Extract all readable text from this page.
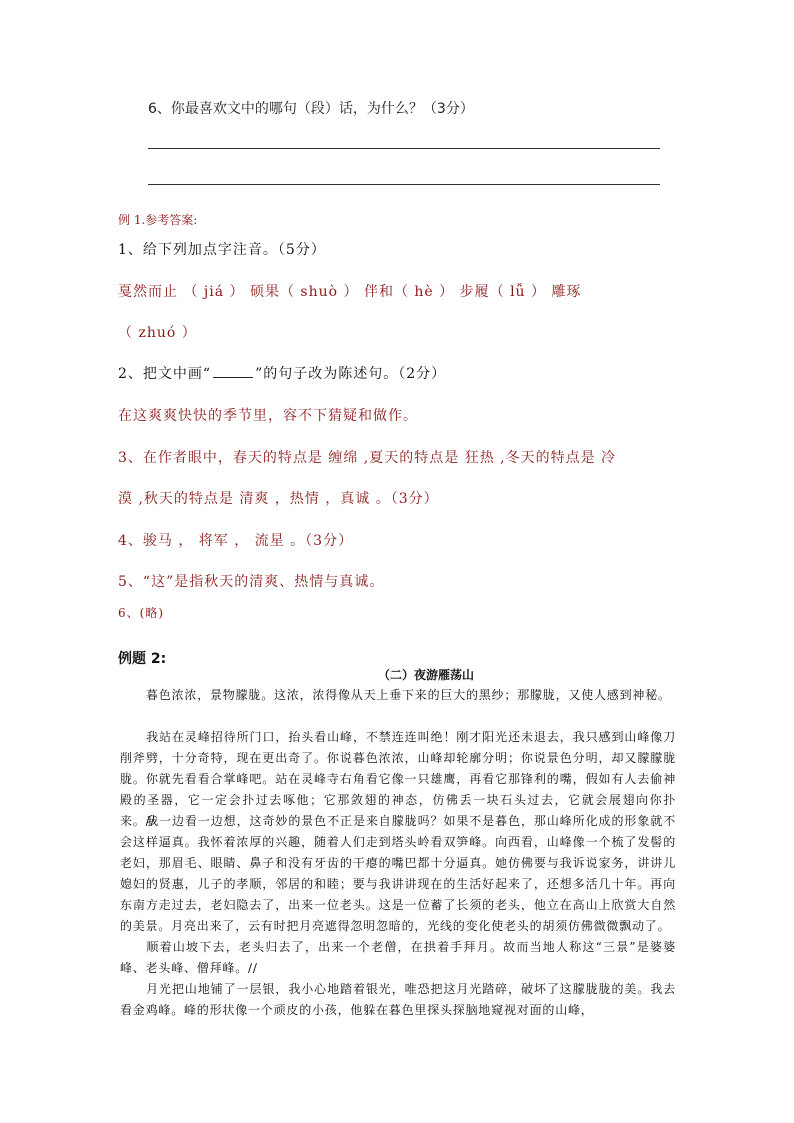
6、你最喜欢文中的哪句（段）话，为什么？（3分）
例 1.参考答案:
1、给下列加点字注音。（5分）
戛然而止 （ jiá ） 硕果（ shuò ） 伴和（ hè ） 步履（ lǚ ） 雕琢
（ zhuó ）
2、把文中画“	”的句子改为陈述句。（2分）
在这爽爽快快的季节里，容不下猜疑和做作。
3、在作者眼中，春天的特点是 缠绵 ,夏天的特点是 狂热 ,冬天的特点是 冷
漠 ,秋天的特点是 清爽 ，热情 ，真诚 。（3分）
4、骏马 ， 将军 ， 流星 。（3分）
5、“这”是指秋天的清爽、热情与真诚。
6、(略)
例题 2:
（二）夜游雁荡山
暮色浓浓，景物朦胧。这浓，浓得像从天上垂下来的巨大的黑纱；那朦胧，又使人感到神秘。
我站在灵峰招待所门口，抬头看山峰，不禁连连叫绝！刚才阳光还未退去，我只感到山峰像刀削斧劈，十分奇特，现在更出奇了。你说暮色浓浓，山峰却轮廓分明；你说景色分明，却又朦朦胧胧。你就先看看合掌峰吧。站在灵峰寺右角看它像一只雄鹰，再看它那锋利的嘴，假如有人去偷神殿的圣器，它一定会扑过去啄他；它那敛翅的神态，仿佛丢一块石头过去，它就会展翅向你扑来。//
我一边看一边想，这奇妙的景色不正是来自朦胧吗？如果不是暮色，那山峰所化成的形象就不会这样逼真。我怀着浓厚的兴趣，随着人们走到塔头岭看双笋峰。向西看，山峰像一个梳了发髻的老妇，那眉毛、眼睛、鼻子和没有牙齿的干瘪的嘴巴都十分逼真。她仿佛要与我诉说家务，讲讲儿媳妇的贤惠，儿子的孝顺，邻居的和睦；要与我讲讲现在的生活好起来了，还想多活几十年。再向东南方走过去，老妇隐去了，出来一位老头。这是一位蓄了长须的老头，他立在高山上欣赏大自然的美景。月亮出来了，云有时把月亮遮得忽明忽暗的，光线的变化使老头的胡须仿佛微微飘动了。
顺着山坡下去，老头归去了，出来一个老僧，在拱着手拜月。故而当地人称这“三景”是婆婆峰、老头峰、僧拜峰。//
月光把山地铺了一层银，我小心地踏着银光，唯恐把这月光踏碎，破坏了这朦胧胧的美。我去看金鸡峰。峰的形状像一个顽皮的小孩，他躲在暮色里探头探脑地窥视对面的山峰，
